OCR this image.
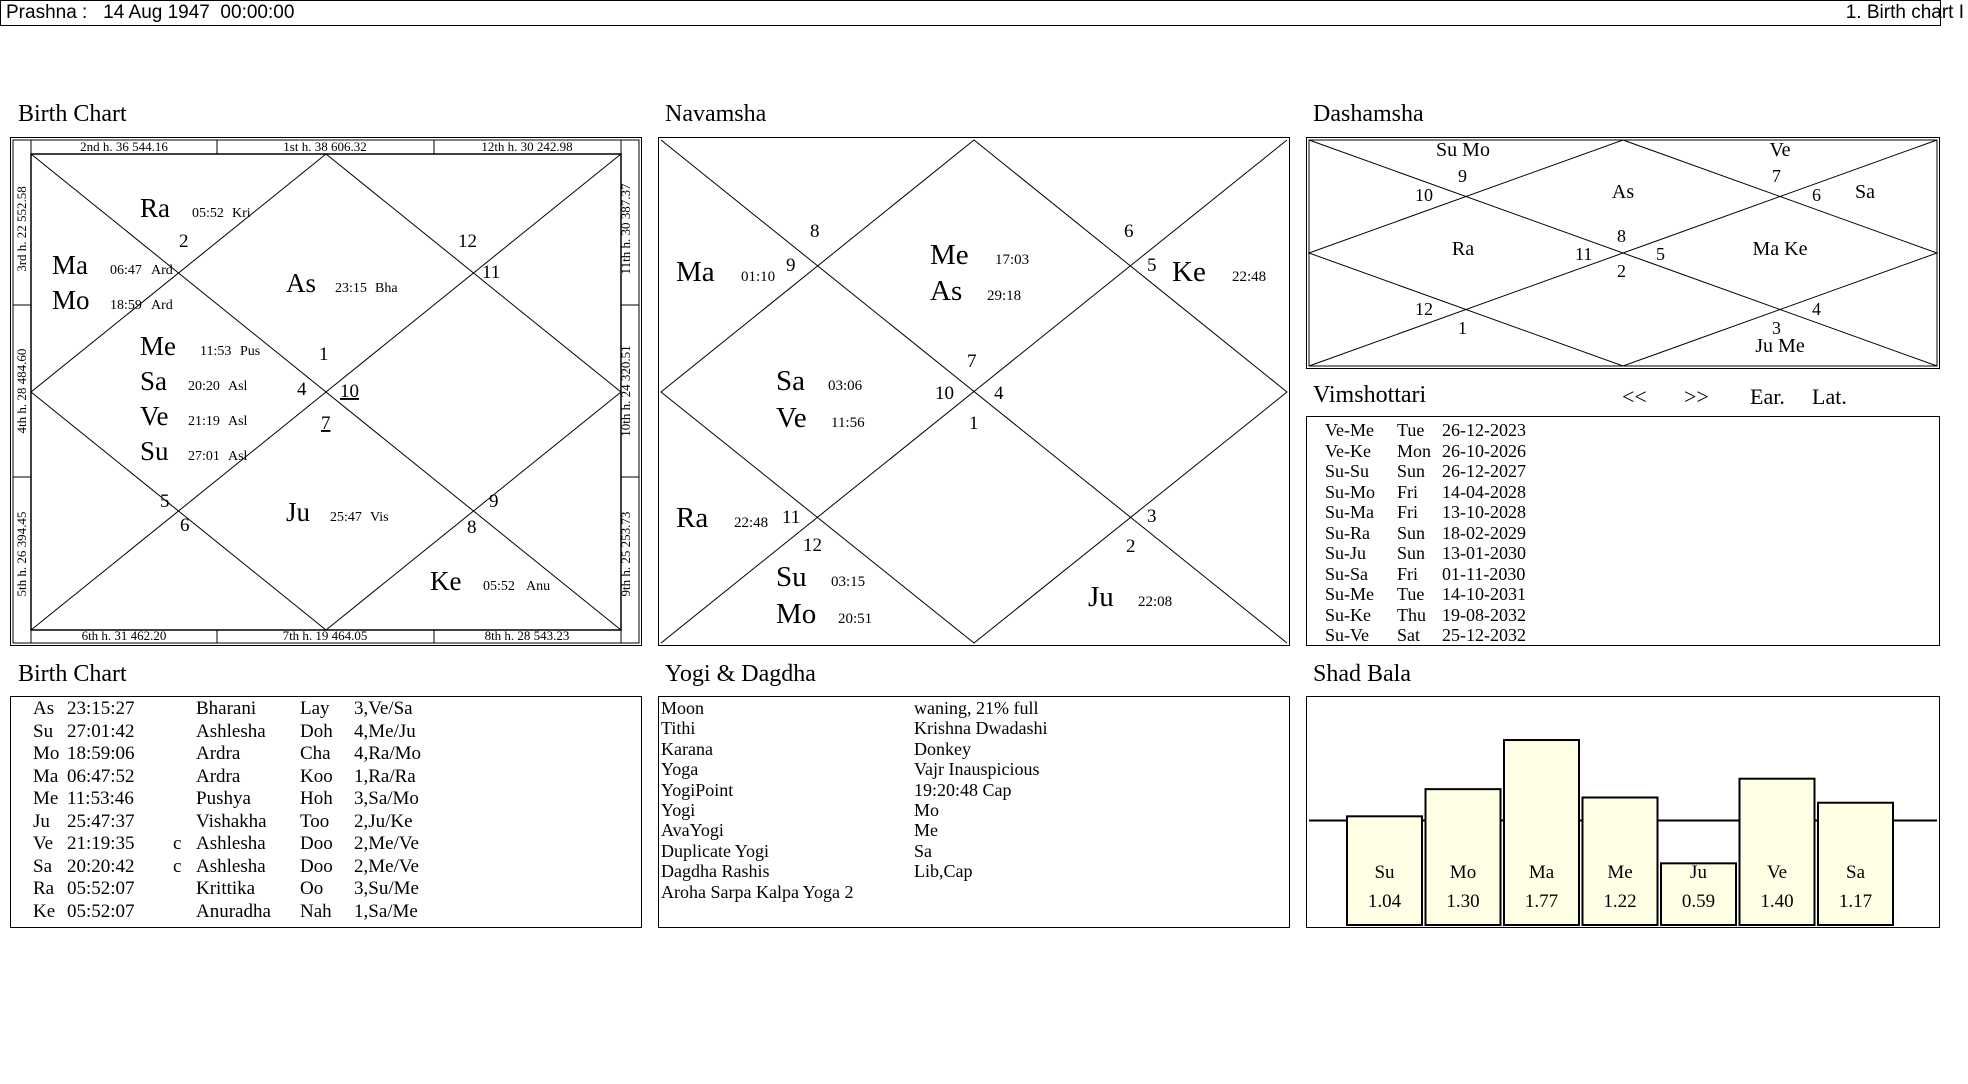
Prashna :   14 Aug 1947  00:00:00	1. Birth chart I
Birth Chart	Navamsha	Dashamsha
Vimshottari
Birth Chart	Yogi & Dagdha	Shad Bala
2nd h. 36 544.16	1st h. 38 606.32	12th h. 30 242.98
6th h. 31 462.20	7th h. 19 464.05	8th h. 28 543.23
3rd h. 22 552.58
4th h. 28 484.60
5th h. 26 394.45
11th h. 30 387.37
10th h. 24 320.51
9th h. 25 253.73
Ra 05:52 Kri
Ma 06:47 Ard
Mo 18:59 Ard
As 23:15 Bha
Me 11:53 Pus
Sa 20:20 Asl
Ve 21:19 Asl
Su 27:01 Asl
Ju 25:47 Vis
Ke 05:52 Anu
2	12
11
1
4 10
7
5
6
9
8
Ma 01:10
Me 17:03
As 29:18
Ke 22:48
Sa 03:06
Ve 11:56
Ra 22:48
Su 03:15
Mo 20:51
Ju 22:08
8
9
6
5
7
10 4
1
11
12
3
2
Su Mo	Ve
As	Sa
Ra	Ma Ke
Ju Me
9
10
7
6
8
11	5
2
12
1	3
4
<< >> Ear. Lat.
Ve-Me Tue 26-12-2023
Ve-Ke Mon 26-10-2026
Su-Su Sun 26-12-2027
Su-Mo Fri 14-04-2028
Su-Ma Fri 13-10-2028
Su-Ra Sun 18-02-2029
Su-Ju Sun 13-01-2030
Su-Sa Fri 01-11-2030
Su-Me Tue 14-10-2031
Su-Ke Thu 19-08-2032
Su-Ve Sat 25-12-2032
As 23:15:27	Bharani Lay 3,Ve/Sa
Su 27:01:42	Ashlesha Doh 4,Me/Ju
Mo 18:59:06	Ardra	Cha 4,Ra/Mo
Ma 06:47:52	Ardra	Koo 1,Ra/Ra
Me 11:53:46	Pushya	Hoh 3,Sa/Mo
Ju 25:47:37	Vishakha Too 2,Ju/Ke
Ve 21:19:35 c Ashlesha Doo 2,Me/Ve
Sa 20:20:42 c Ashlesha Doo 2,Me/Ve
Ra 05:52:07	Krittika Oo 3,Su/Me
Ke 05:52:07	Anuradha Nah 1,Sa/Me
Moon	waning, 21% full
Tithi	Krishna Dwadashi
Karana	Donkey
Yoga	Vajr Inauspicious
YogiPoint	19:20:48 Cap
Yogi	Mo
AvaYogi	Me
Duplicate Yogi	Sa
Dagdha Rashis	Lib,Cap
Aroha Sarpa Kalpa Yoga 2
Su
1.04
Mo
1.30
Ma
1.77
Me
1.22
Ju
0.59
Ve
1.40
Sa
1.17
